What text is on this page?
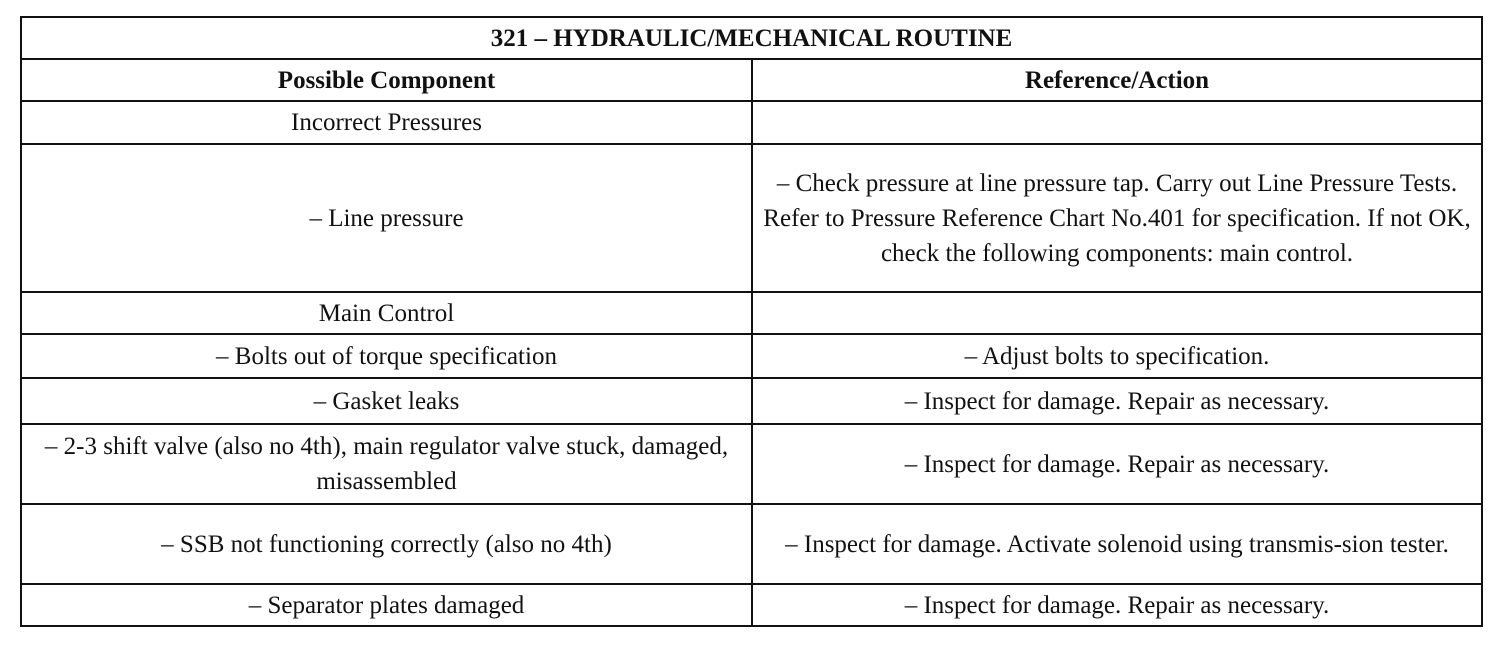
321 – HYDRAULIC/MECHANICAL ROUTINE	
Possible Component	Reference/Action
Incorrect Pressures	
– Line pressure	– Check pressure at line pressure tap. Carry out Line Pressure Tests. Refer to Pressure Reference Chart No.401 for specification. If not OK, check the following components: main control.
Main Control	
– Bolts out of torque specification	– Adjust bolts to specification.
– Gasket leaks	– Inspect for damage. Repair as necessary.
– 2-3 shift valve (also no 4th), main regulator valve stuck, damaged, misassembled	– Inspect for damage. Repair as necessary.
– SSB not functioning correctly (also no 4th)	– Inspect for damage. Activate solenoid using transmis-sion tester.
– Separator plates damaged	– Inspect for damage. Repair as necessary.
